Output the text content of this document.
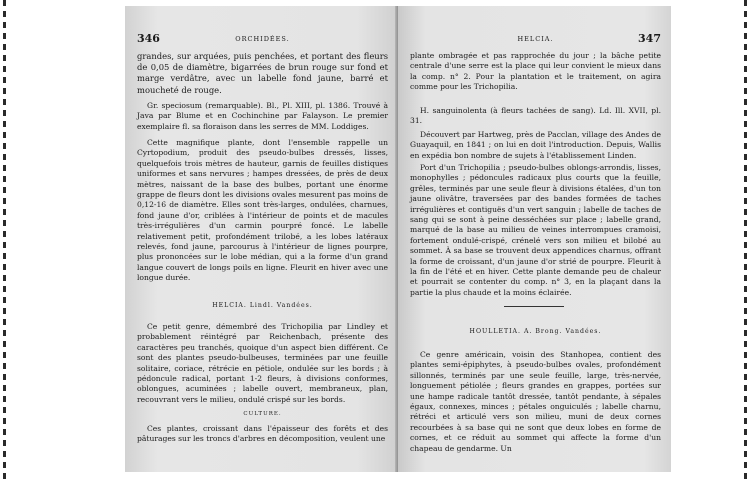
346	ORCHIDÉES.

grandes, sur arquées, puis penchées, et portant des fleurs de 0,05 de diamètre, bigarrées de brun rouge sur fond et marge verdâtre, avec un labelle fond jaune, barré et moucheté de rouge.

Gr. speciosum (remarquable). Bl., Pl. XIII, pl. 1386. Trouvé à Java par Blume et en Cochinchine par Falayson. Le premier exemplaire fl. sa floraison dans les serres de MM. Loddiges.

Cette magnifique plante, dont l'ensemble rappelle un Cyrtopodium, produit des pseudo-bulbes dressés, lisses, quelquefois trois mètres de hauteur, garnis de feuilles distiques uniformes et sans nervures ; hampes dressées, de près de deux mètres, naissant de la base des bulbes, portant une énorme grappe de fleurs dont les divisions ovales mesurent pas moins de 0,12-16 de diamètre. Elles sont très-larges, ondulées, charnues, fond jaune d'or, criblées à l'intérieur de points et de macules très-irrégulières d'un carmin pourpré foncé. Le labelle relativement petit, profondément trilobé, a les lobes latéraux relevés, fond jaune, parcourus à l'intérieur de lignes pourpre, plus prononcées sur le lobe médian, qui a la forme d'un grand langue couvert de longs poils en ligne. Fleurit en hiver avec une longue durée.

HELCIA. Lindl. Vandées.

Ce petit genre, démembré des Trichopilia par Lindley et probablement réintégré par Reichenbach, présente des caractères peu tranchés, quoique d'un aspect bien différent. Ce sont des plantes pseudo-bulbeuses, terminées par une feuille solitaire, coriace, rétrécie en pétiole, ondulée sur les bords ; à pédoncule radical, portant 1-2 fleurs, à divisions conformes, oblongues, acuminées ; labelle ouvert, membraneux, plan, recouvrant vers le milieu, ondulé crispé sur les bords.

CULTURE.

Ces plantes, croissant dans l'épaisseur des forêts et des pâturages sur les troncs d'arbres en décomposition, veulent une

HELCIA.	347

plante ombragée et pas rapprochée du jour ; la bâche petite centrale d'une serre est la place qui leur convient le mieux dans la comp. n° 2. Pour la plantation et le traitement, on agira comme pour les Trichopilia.

H. sanguinolenta (à fleurs tachées de sang). Ld. Ill. XVII, pl. 31.

Découvert par Hartweg, près de Pacclan, village des Andes de Guayaquil, en 1841 ; on lui en doit l'introduction. Depuis, Wallis en expédia bon nombre de sujets à l'établissement Linden.

Port d'un Trichopilia ; pseudo-bulbes oblongs-arrondis, lisses, monophylles ; pédoncules radicaux plus courts que la feuille, grêles, terminés par une seule fleur à divisions étalées, d'un ton jaune olivâtre, traversées par des bandes formées de taches irrégulières et contiguës d'un vert sanguin ; labelle de taches de sang qui se sont à peine desséchées sur place ; labelle grand, marqué de la base au milieu de veines interrompues cramoisi, fortement ondulé-crispé, crénelé vers son milieu et bilobé au sommet. À sa base se trouvent deux appendices charnus, offrant la forme de croissant, d'un jaune d'or strié de pourpre. Fleurit à la fin de l'été et en hiver. Cette plante demande peu de chaleur et pourrait se contenter du comp. n° 3, en la plaçant dans la partie la plus chaude et la moins éclairée.

HOULLETIA. A. Brong. Vandées.

Ce genre américain, voisin des Stanhopea, contient des plantes semi-épiphytes, à pseudo-bulbes ovales, profondément sillonnés, terminés par une seule feuille, large, très-nervée, longuement pétiolée ; fleurs grandes en grappes, portées sur une hampe radicale tantôt dressée, tantôt pendante, à sépales égaux, connexes, minces ; pétales onguiculés ; labelle charnu, rétréci et articulé vers son milieu, muni de deux cornes recourbées à sa base qui ne sont que deux lobes en forme de cornes, et ce réduit au sommet qui affecte la forme d'un chapeau de gendarme. Un
